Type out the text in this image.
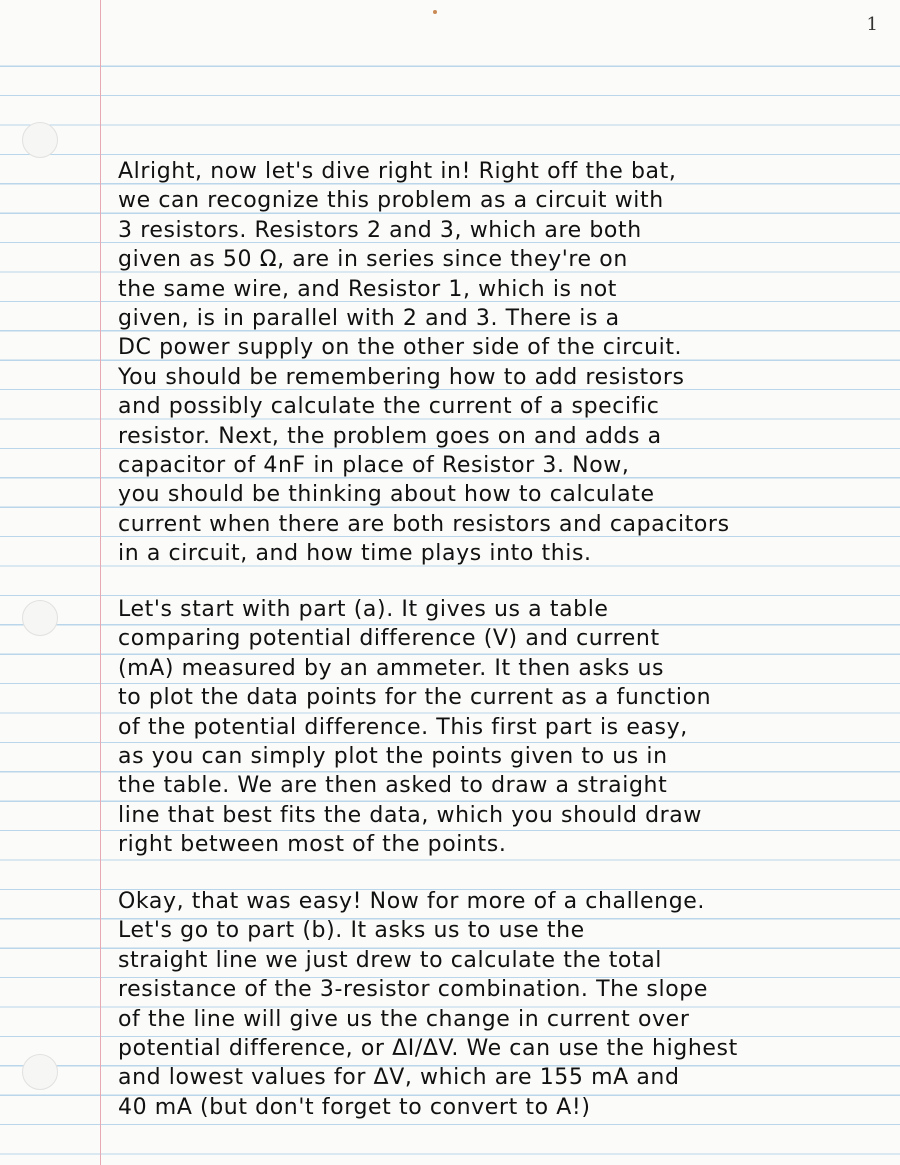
1
Alright, now let's dive right in! Right off the bat,
we can recognize this problem as a circuit with
3 resistors. Resistors 2 and 3, which are both
given as 50 Ω, are in series since they're on
the same wire, and Resistor 1, which is not
given, is in parallel with 2 and 3. There is a
DC power supply on the other side of the circuit.
You should be remembering how to add resistors
and possibly calculate the current of a specific
resistor. Next, the problem goes on and adds a
capacitor of 4nF in place of Resistor 3. Now,
you should be thinking about how to calculate
current when there are both resistors and capacitors
in a circuit, and how time plays into this.
Let's start with part (a). It gives us a table
comparing potential difference (V) and current
(mA) measured by an ammeter. It then asks us
to plot the data points for the current as a function
of the potential difference. This first part is easy,
as you can simply plot the points given to us in
the table. We are then asked to draw a straight
line that best fits the data, which you should draw
right between most of the points.
Okay, that was easy! Now for more of a challenge.
Let's go to part (b). It asks us to use the
straight line we just drew to calculate the total
resistance of the 3-resistor combination. The slope
of the line will give us the change in current over
potential difference, or ΔI/ΔV. We can use the highest
and lowest values for ΔV, which are 155 mA and
40 mA (but don't forget to convert to A!)
